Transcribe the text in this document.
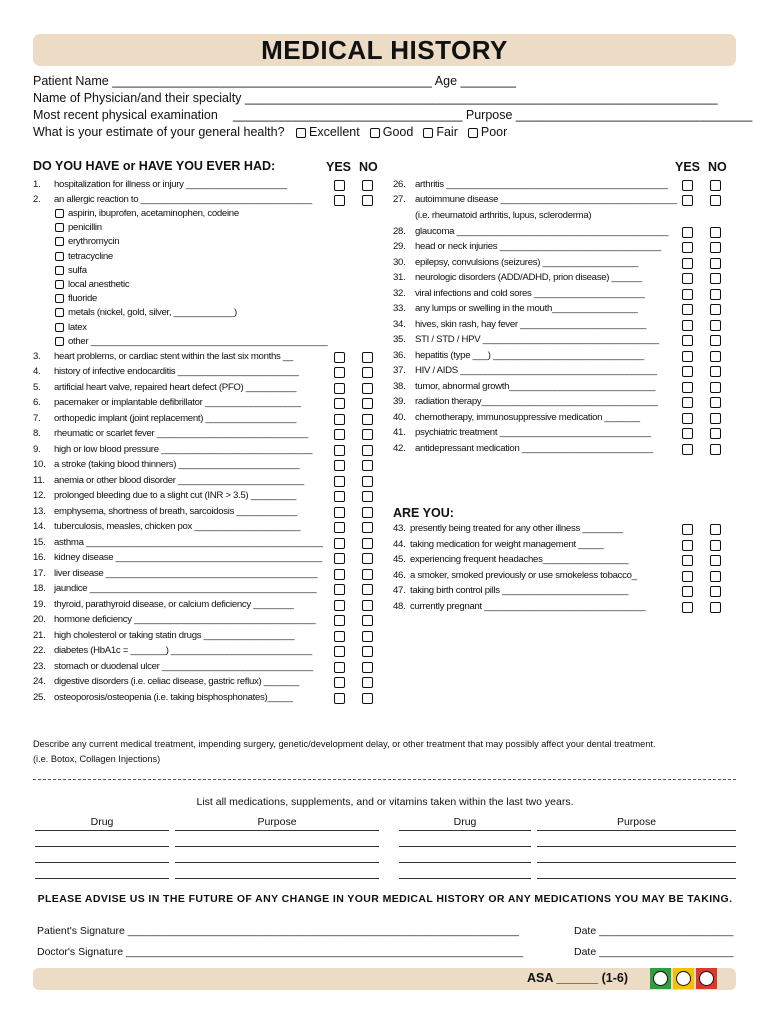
MEDICAL HISTORY
Patient Name ______________________________________________ Age ________
Name of Physician/and their specialty ____________________________________________________________________
Most recent physical examination _________________________________ Purpose __________________________________
What is your estimate of your general health? Excellent Good Fair Poor
DO YOU HAVE or HAVE YOU EVER HAD:	YES NO	YES NO
ARE YOU:
1. hospitalization for illness or injury ____________________
2. an allergic reaction to __________________________________
3. heart problems, or cardiac stent within the last six months __
4. history of infective endocarditis ________________________
5. artificial heart valve, repaired heart defect (PFO) __________
6. pacemaker or implantable defibrillator ___________________
7. orthopedic implant (joint replacement) __________________
8. rheumatic or scarlet fever ______________________________
9. high or low blood pressure ______________________________
10. a stroke (taking blood thinners) ________________________
11. anemia or other blood disorder _________________________
12. prolonged bleeding due to a slight cut (INR > 3.5) _________
13. emphysema, shortness of breath, sarcoidosis ____________
14. tuberculosis, measles, chicken pox _____________________
15. asthma _______________________________________________
16. kidney disease _________________________________________
17. liver disease __________________________________________
18. jaundice _____________________________________________
19. thyroid, parathyroid disease, or calcium deficiency ________
20. hormone deficiency ____________________________________
21. high cholesterol or taking statin drugs __________________
22. diabetes (HbA1c = _______) ____________________________
23. stomach or duodenal ulcer ______________________________
24. digestive disorders (i.e. celiac disease, gastric reflux) _______
25. osteoporosis/osteopenia (i.e. taking bisphosphonates)_____
aspirin, ibuprofen, acetaminophen, codeine
penicillin
erythromycin
tetracycline
sulfa
local anesthetic
fluoride
metals (nickel, gold, silver, ____________)
latex
other _______________________________________________
26. arthritis ____________________________________________
27. autoimmune disease ___________________________________
(i.e. rheumatoid arthritis, lupus, scleroderma)
28. glaucoma __________________________________________
29. head or neck injuries ________________________________
30. epilepsy, convulsions (seizures) ___________________
31. neurologic disorders (ADD/ADHD, prion disease) ______
32. viral infections and cold sores ______________________
33. any lumps or swelling in the mouth_________________
34. hives, skin rash, hay fever _________________________
35. STI / STD / HPV ___________________________________
36. hepatitis (type ___) ______________________________
37. HIV / AIDS _______________________________________
38. tumor, abnormal growth_____________________________
39. radiation therapy___________________________________
40. chemotherapy, immunosuppressive medication _______
41. psychiatric treatment ______________________________
42. antidepressant medication __________________________
43. presently being treated for any other illness ________
44. taking medication for weight management _____
45. experiencing frequent headaches_________________
46. a smoker, smoked previously or use smokeless tobacco_
47. taking birth control pills _________________________
48. currently pregnant ________________________________
Describe any current medical treatment, impending surgery, genetic/development delay, or other treatment that may possibly affect your dental treatment.
(i.e. Botox, Collagen Injections)
List all medications, supplements, and or vitamins taken within the last two years.
Drug	Purpose	Drug	Purpose
PLEASE ADVISE US IN THE FUTURE OF ANY CHANGE IN YOUR MEDICAL HISTORY OR ANY MEDICATIONS YOU MAY BE TAKING.
Patient's Signature ___________________________________________________________________	Date _______________________
Doctor's Signature ____________________________________________________________________	Date _______________________
ASA ______ (1-6)
